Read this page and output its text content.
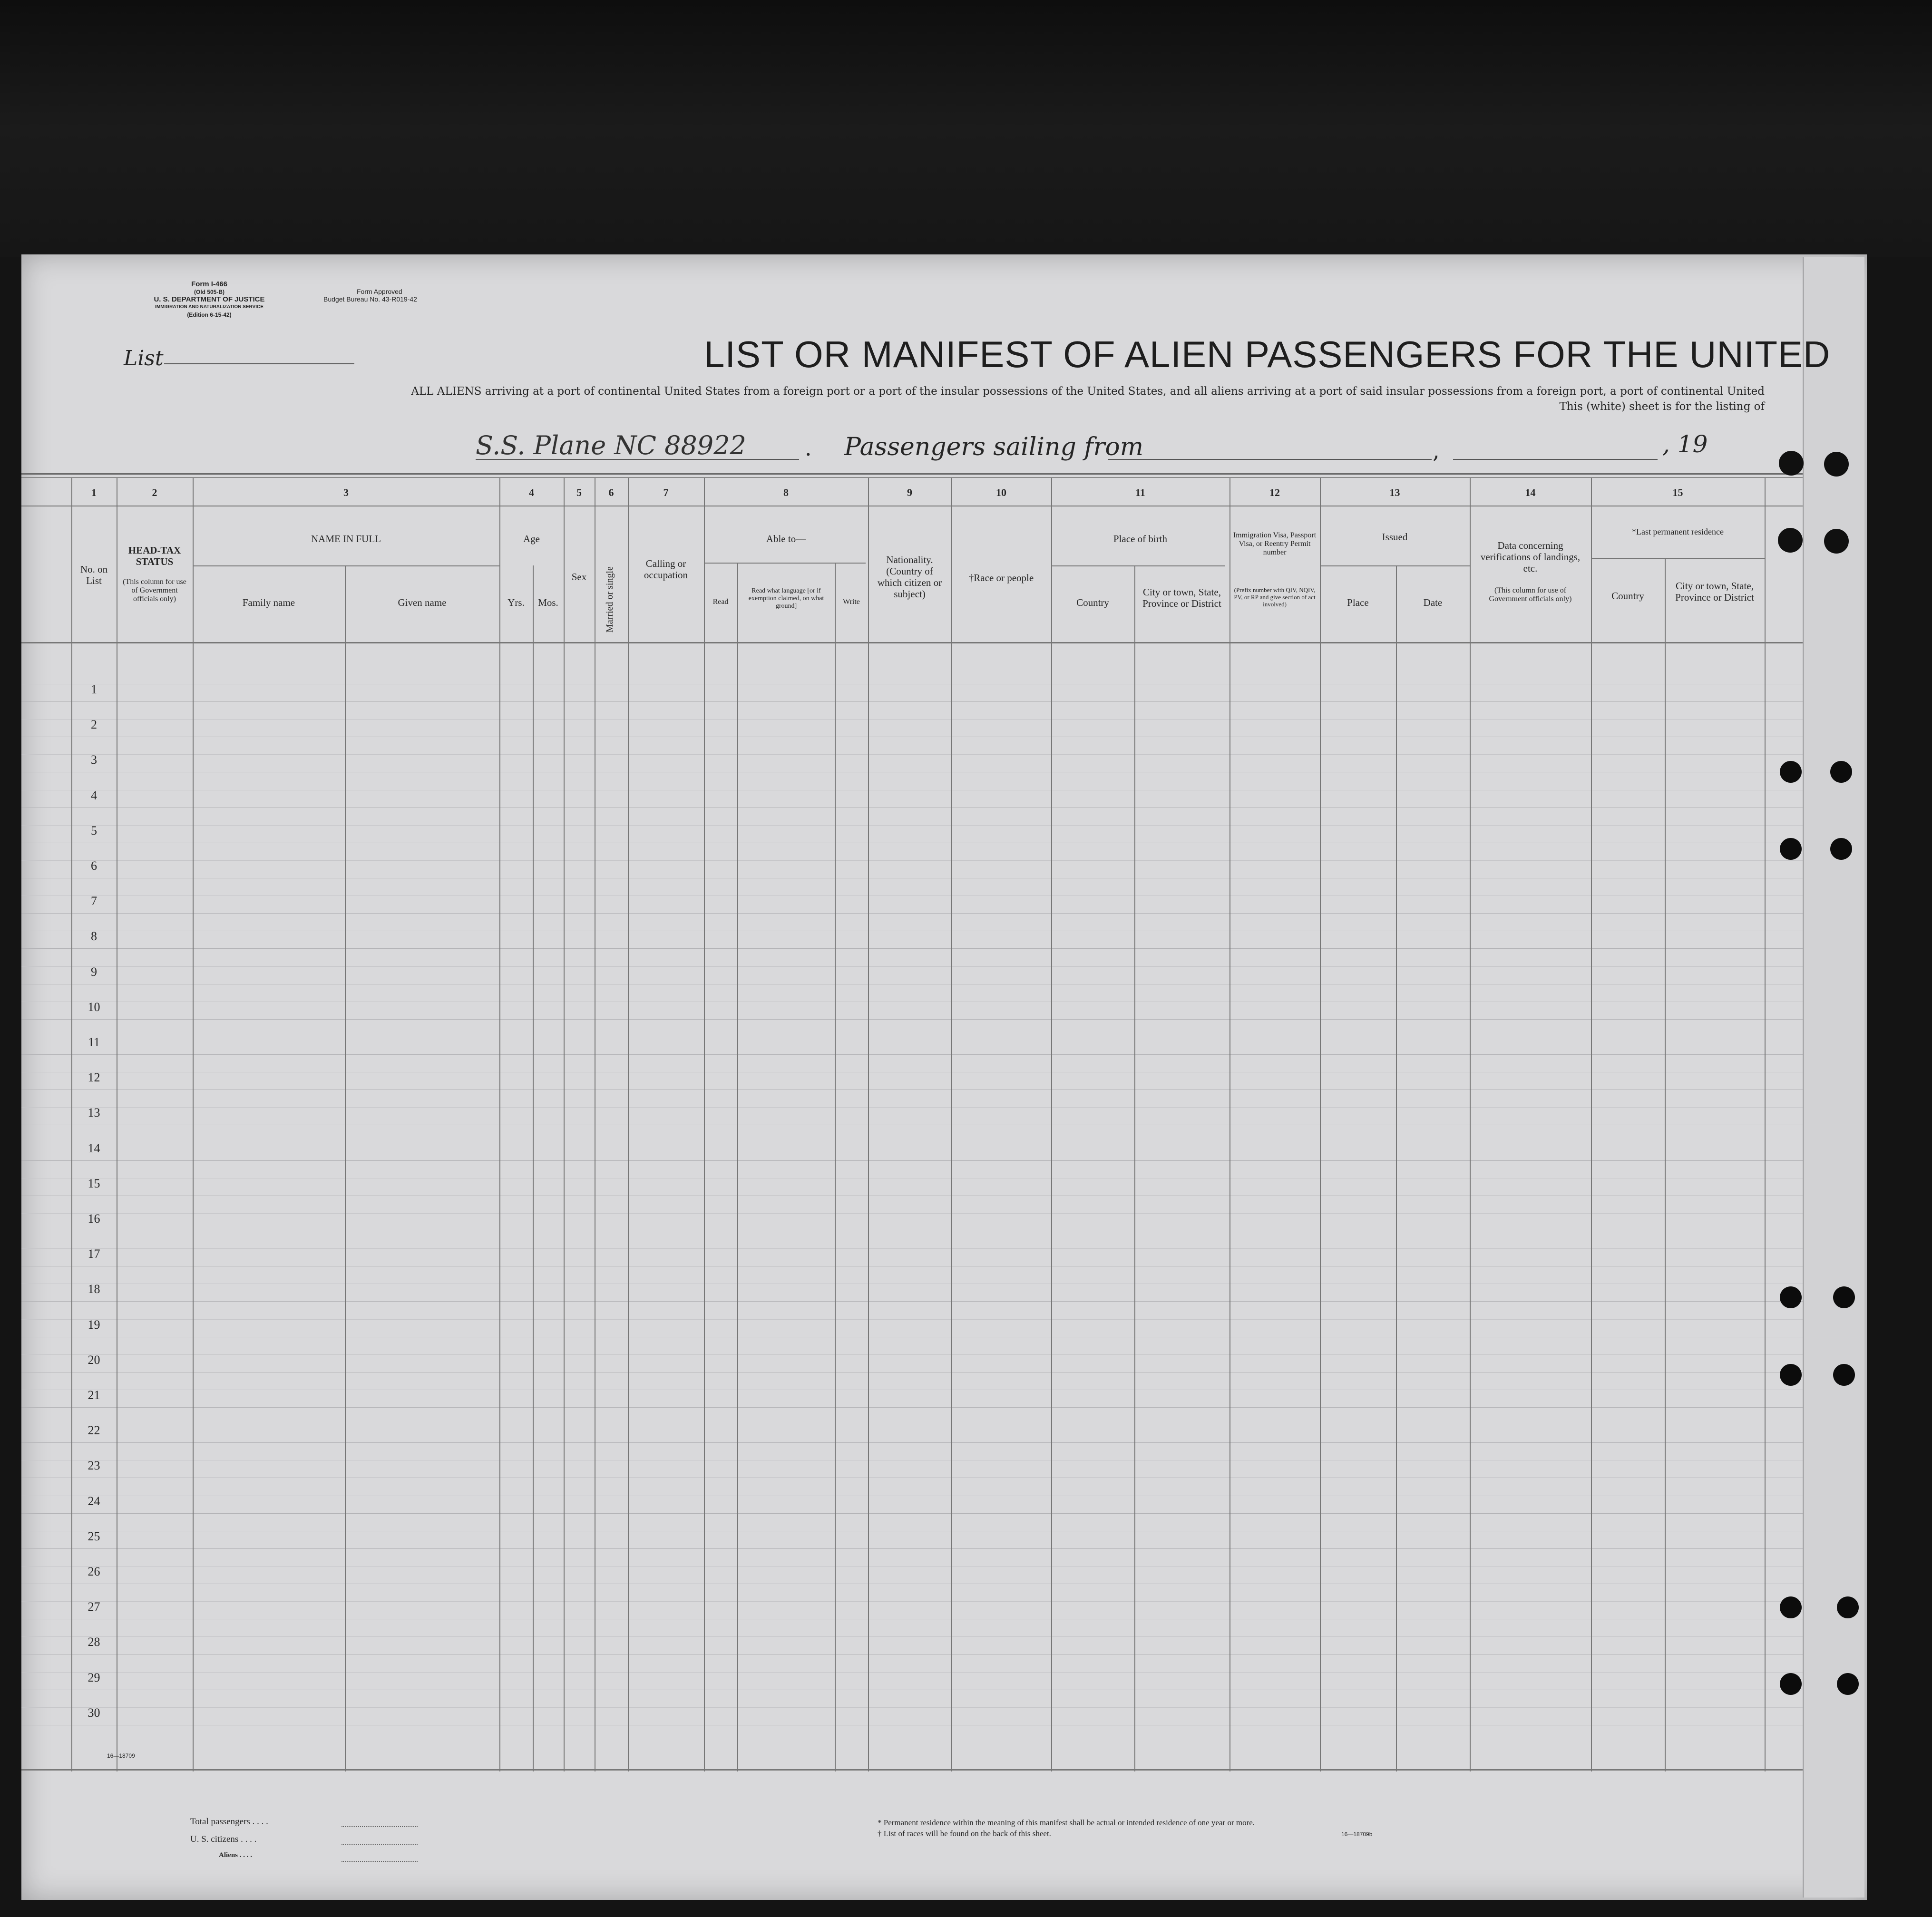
Form I-466
(Old 505-B)
U. S. DEPARTMENT OF JUSTICE
IMMIGRATION AND NATURALIZATION SERVICE
(Edition 6-15-42)
Form Approved
Budget Bureau No. 43-R019-42
List	LIST OR MANIFEST OF ALIEN PASSENGERS FOR THE UNITED
ALL ALIENS arriving at a port of continental United States from a foreign port or a port of the insular possessions of the United States, and all aliens arriving at a port of said insular possessions from a foreign port, a port of continental United
This (white) sheet is for the listing of
S.S. Plane NC 88922	. Passengers sailing from	,	, 19
1	2	3	4	5	6	7	8	9	10	11	12	13	14	15
No. on List
HEAD-TAX STATUS
(This column for use of Government officials only)
NAME IN FULL
Family name	Given name
Age
Yrs.	Mos.
Sex	Married or single
Calling or occupation
Able to—
Read
Read what language [or if exemption claimed, on what ground]
Write
Nationality. (Country of which citizen or subject)
†Race or people
Place of birth
Country
City or town, State, Province or District
Immigration Visa, Passport Visa, or Reentry Permit number
(Prefix number with QIV, NQIV, PV, or RP and give section of act involved)
Issued
Place	Date
Data concerning verifications of landings, etc.
(This column for use of Government officials only)
*Last permanent residence
Country
City or town, State, Province or District
1
2
3
4
5
6
7
8
9
10
11
12
13
14
15
16
17
18
19
20
21
22
23
24
25
26
27
28
29
30
16—18709
Total passengers . . . .
U. S. citizens . . . .
Aliens . . . .
* Permanent residence within the meaning of this manifest shall be actual or intended residence of one year or more.
† List of races will be found on the back of this sheet.	16—18709b
